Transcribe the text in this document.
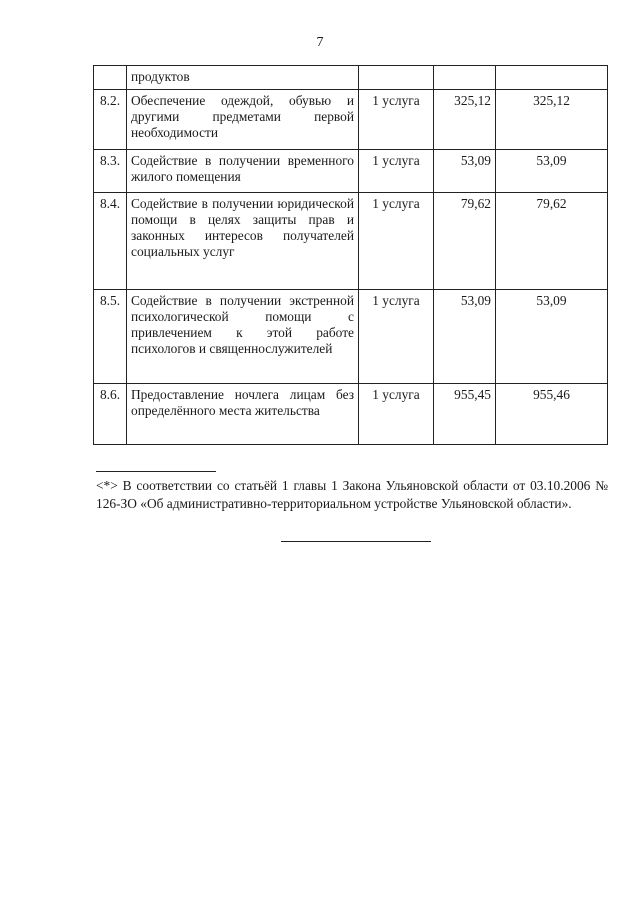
7
	продуктов			
8.2.	Обеспечение одеждой, обувью и другими предметами первой необходимости	1 услуга	325,12	325,12
8.3.	Содействие в получении временного жилого помещения	1 услуга	53,09	53,09
8.4.	Содействие в получении юридической помощи в целях защиты прав и законных интересов получателей социальных услуг	1 услуга	79,62	79,62
8.5.	Содействие в получении экстренной психологической помощи с привлечением к этой работе психологов и священнослужителей	1 услуга	53,09	53,09
8.6.	Предоставление ночлега лицам без определённого места жительства	1 услуга	955,45	955,46
<*> В соответствии со статьёй 1 главы 1 Закона Ульяновской области от 03.10.2006 № 126-ЗО «Об административно-территориальном устройстве Ульяновской области».
